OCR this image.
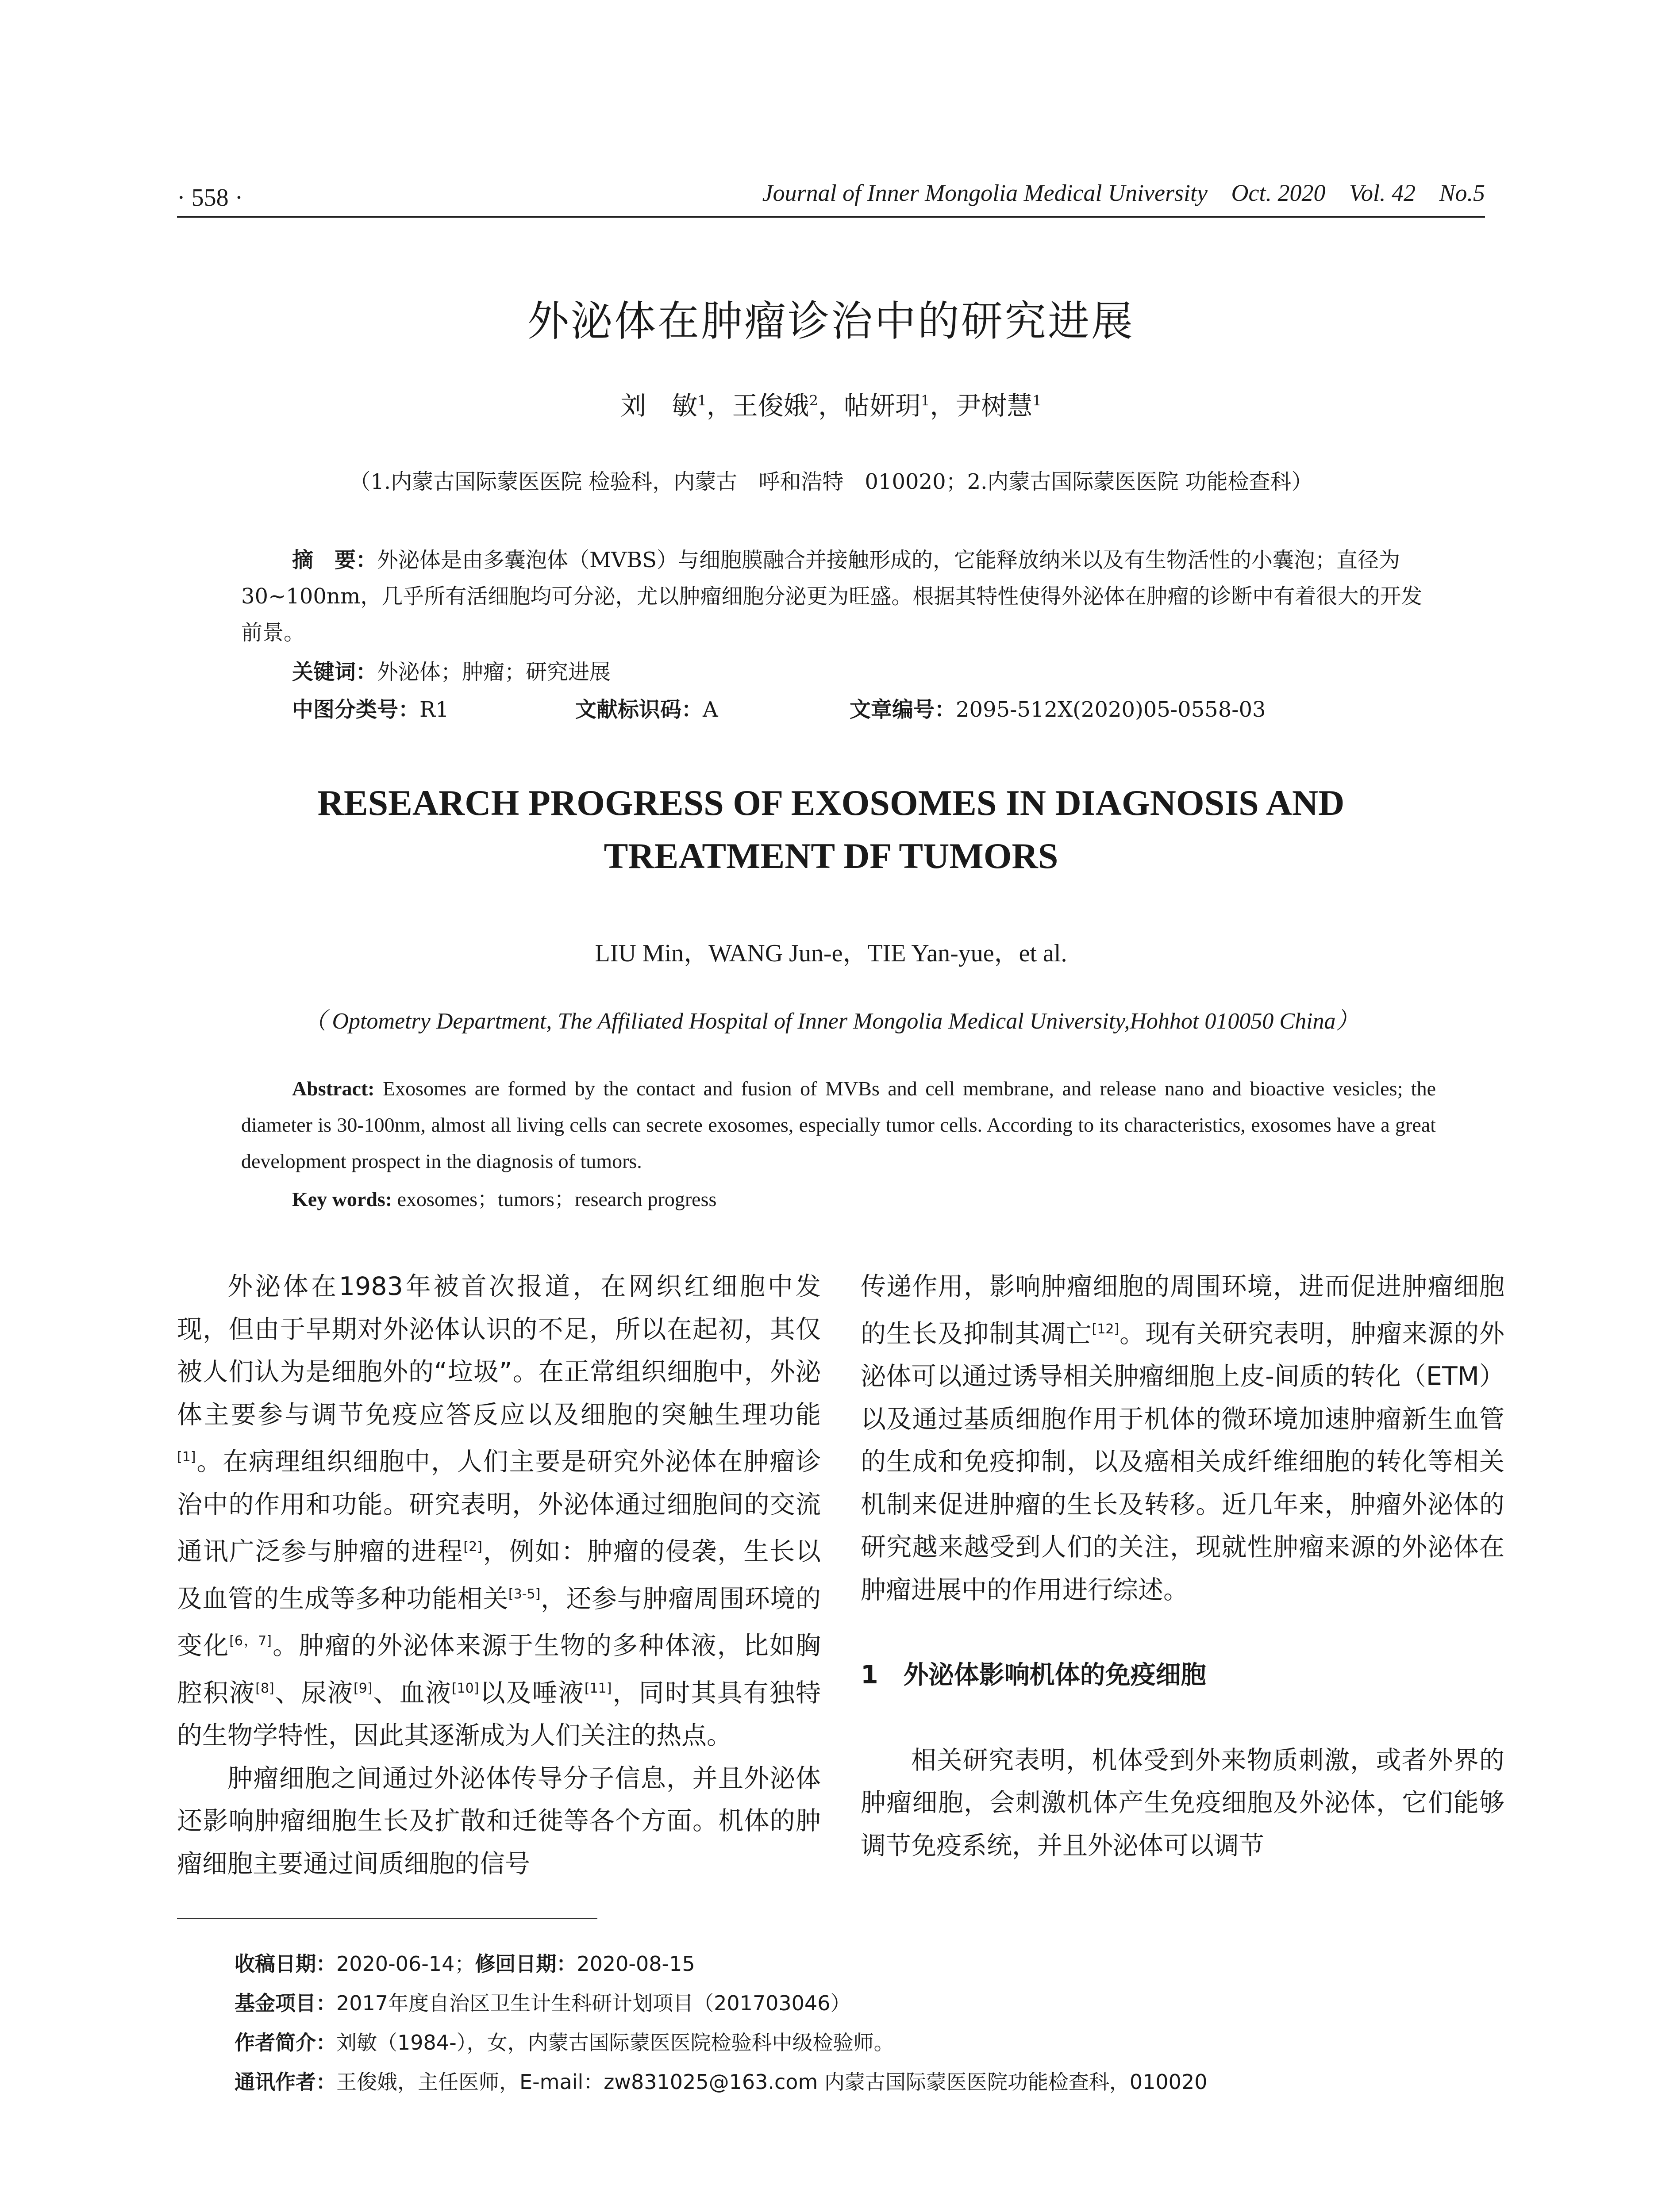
· 558 ·	Journal of Inner Mongolia Medical University Oct. 2020 Vol. 42 No.5
外泌体在肿瘤诊治中的研究进展
刘　敏$^1$，王俊娥$^2$，帖妍玥$^1$，尹树慧$^1$
（1.内蒙古国际蒙医医院 检验科，内蒙古　呼和浩特　010020；2.内蒙古国际蒙医医院 功能检查科）
摘　要：外泌体是由多囊泡体（MVBS）与细胞膜融合并接触形成的，它能释放纳米以及有生物活性的小囊泡；直径为30~100nm，几乎所有活细胞均可分泌，尤以肿瘤细胞分泌更为旺盛。根据其特性使得外泌体在肿瘤的诊断中有着很大的开发前景。
关键词：外泌体；肿瘤；研究进展
中图分类号：R1	文献标识码：A	文章编号：2095-512X(2020)05-0558-03
RESEARCH PROGRESS OF EXOSOMES IN DIAGNOSIS AND
TREATMENT DF TUMORS
LIU Min，WANG Jun-e，TIE Yan-yue，et al.
（ Optometry Department, The Affiliated Hospital of Inner Mongolia Medical University,Hohhot 010050 China）
Abstract: Exosomes are formed by the contact and fusion of MVBs and cell membrane, and release nano and bioactive vesicles; the diameter is 30-100nm, almost all living cells can secrete exosomes, especially tumor cells. According to its characteristics, exosomes have a great development prospect in the diagnosis of tumors.
Key words: exosomes；tumors；research progress

外泌体在1983年被首次报道，在网织红细胞中发现，但由于早期对外泌体认识的不足，所以在起初，其仅被人们认为是细胞外的“垃圾”。在正常组织细胞中，外泌体主要参与调节免疫应答反应以及细胞的突触生理功能[1]。在病理组织细胞中，人们主要是研究外泌体在肿瘤诊治中的作用和功能。研究表明，外泌体通过细胞间的交流通讯广泛参与肿瘤的进程[2]，例如：肿瘤的侵袭，生长以及血管的生成等多种功能相关[3-5]，还参与肿瘤周围环境的变化[6，7]。肿瘤的外泌体来源于生物的多种体液，比如胸腔积液[8]、尿液[9]、血液[10]以及唾液[11]，同时其具有独特的生物学特性，因此其逐渐成为人们关注的热点。

肿瘤细胞之间通过外泌体传导分子信息，并且外泌体还影响肿瘤细胞生长及扩散和迁徙等各个方面。机体的肿瘤细胞主要通过间质细胞的信号

传递作用，影响肿瘤细胞的周围环境，进而促进肿瘤细胞的生长及抑制其凋亡[12]。现有关研究表明，肿瘤来源的外泌体可以通过诱导相关肿瘤细胞上皮-间质的转化（ETM）以及通过基质细胞作用于机体的微环境加速肿瘤新生血管的生成和免疫抑制，以及癌相关成纤维细胞的转化等相关机制来促进肿瘤的生长及转移。近几年来，肿瘤外泌体的研究越来越受到人们的关注，现就性肿瘤来源的外泌体在肿瘤进展中的作用进行综述。

1　外泌体影响机体的免疫细胞

相关研究表明，机体受到外来物质刺激，或者外界的肿瘤细胞，会刺激机体产生免疫细胞及外泌体，它们能够调节免疫系统，并且外泌体可以调节

收稿日期：2020-06-14；修回日期：2020-08-15
基金项目：2017年度自治区卫生计生科研计划项目（201703046）
作者简介：刘敏（1984-），女，内蒙古国际蒙医医院检验科中级检验师。
通讯作者：王俊娥，主任医师，E-mail：zw831025@163.com 内蒙古国际蒙医医院功能检查科，010020
